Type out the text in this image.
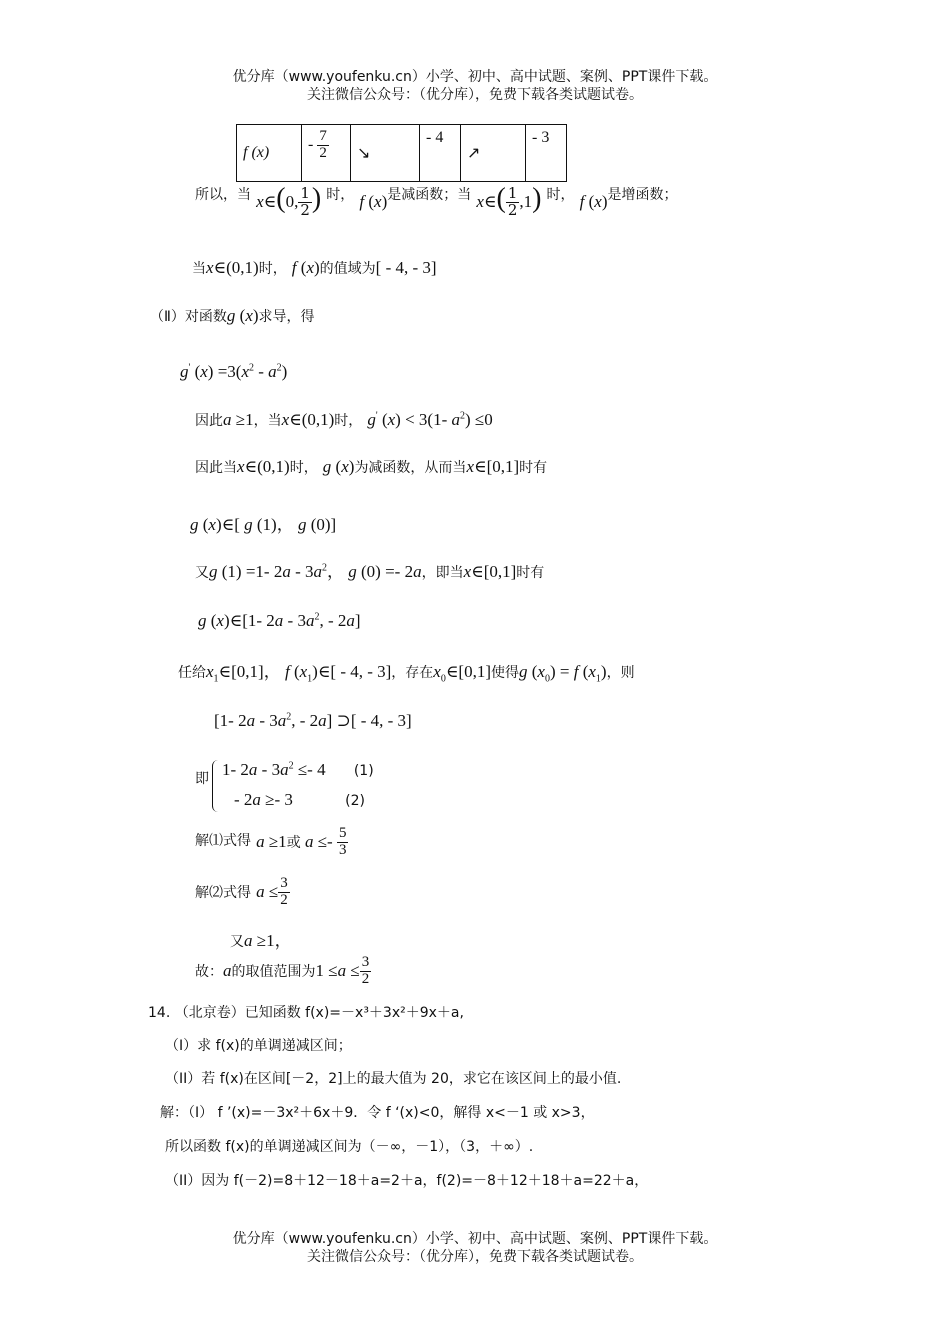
优分库（www.youfenku.cn）小学、初中、高中试题、案例、PPT课件下载。
关注微信公众号：（优分库），免费下载各类试题试卷。
f (x)	- $\frac{7}{2}$	↘	- 4	↗	- 3
所以，当 x∈(0, $\frac{1}{2}$ ) 时， f (x)是减函数；当 x∈( $\frac{1}{2} ,1$) 时， f (x)是增函数；
当x∈(0,1)时， f (x)的值域为[ - 4, - 3]
（Ⅱ）对函数g (x)求导，得
g' $(x) =3(x^2 - a^2)$
因此a ≥1，当x∈(0,1)时， g' (x) < 3(1- $a^2) \le 0$
因此当x∈(0,1)时， g (x)为减函数，从而当x∈[0,1]时有
g (x)∈[ g (1)， g (0)]
又g (1) =1- $2a - 3a^2$， g (0) =- 2a，即当x∈[0,1]时有
g (x)∈[1- $2a - 3a^2$, - 2a]
任给$x_1\in[0,1]$， f $(x_1)\in[ - 4$, - 3]，存在$x_0\in[0,1]$使得g $(x_0) = f$ $(x_1)$，则
[1- $2a - 3a^2$, - 2a] ⊃[ - 4, - 3]
即 1- $2a - 3a^2 \le- 4$ (1)
- 2a ≥- 3	(2)
解⑴式得 a ≥1或 $a \le- \frac{5}{3}$
解⑵式得 $a \le \frac{3}{2}$
又a ≥1，
故：a的取值范围为$1 \le a \le \frac{3}{2}$
14. （北京卷）已知函数 f(x)=－x³＋3x²＋9x＋a,
（I）求 f(x)的单调递减区间；
（II）若 f(x)在区间[－2，2]上的最大值为 20，求它在该区间上的最小值.
解：（I） f ’(x)=－3x²＋6x＋9．令 f ‘(x)<0，解得 x<－1 或 x>3，
所以函数 f(x)的单调递减区间为（－∞，－1），（3，＋∞）.
（II）因为 f(－2)=8＋12－18＋a=2＋a，f(2)=－8＋12＋18＋a=22＋a，
优分库（www.youfenku.cn）小学、初中、高中试题、案例、PPT课件下载。
关注微信公众号：（优分库），免费下载各类试题试卷。
